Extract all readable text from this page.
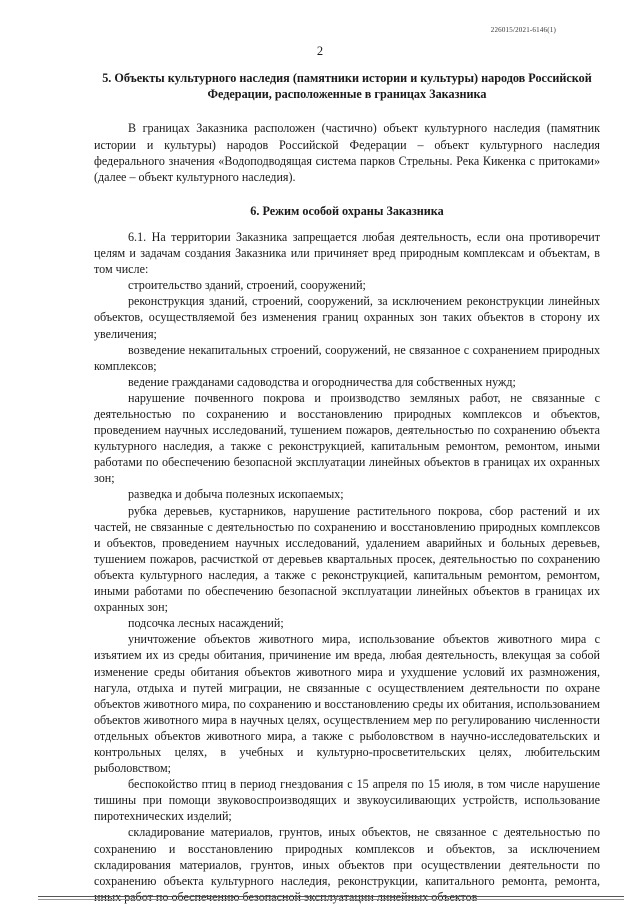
226015/2021-6146(1)
2
5. Объекты культурного наследия (памятники истории и культуры) народов Российской Федерации, расположенные в границах Заказника

В границах Заказника расположен (частично) объект культурного наследия (памятник истории и культуры) народов Российской Федерации – объект культурного наследия федерального значения «Водоподводящая система парков Стрельны. Река Кикенка с притоками» (далее – объект культурного наследия).

6. Режим особой охраны Заказника

6.1. На территории Заказника запрещается любая деятельность, если она противоречит целям и задачам создания Заказника или причиняет вред природным комплексам и объектам, в том числе:

строительство зданий, строений, сооружений;

реконструкция зданий, строений, сооружений, за исключением реконструкции линейных объектов, осуществляемой без изменения границ охранных зон таких объектов в сторону их увеличения;

возведение некапитальных строений, сооружений, не связанное с сохранением природных комплексов;

ведение гражданами садоводства и огородничества для собственных нужд;

нарушение почвенного покрова и производство земляных работ, не связанные с деятельностью по сохранению и восстановлению природных комплексов и объектов, проведением научных исследований, тушением пожаров, деятельностью по сохранению объекта культурного наследия, а также с реконструкцией, капитальным ремонтом, ремонтом, иными работами по обеспечению безопасной эксплуатации линейных объектов в границах их охранных зон;

разведка и добыча полезных ископаемых;

рубка деревьев, кустарников, нарушение растительного покрова, сбор растений и их частей, не связанные с деятельностью по сохранению и восстановлению природных комплексов и объектов, проведением научных исследований, удалением аварийных и больных деревьев, тушением пожаров, расчисткой от деревьев квартальных просек, деятельностью по сохранению объекта культурного наследия, а также с реконструкцией, капитальным ремонтом, ремонтом, иными работами по обеспечению безопасной эксплуатации линейных объектов в границах их охранных зон;

подсочка лесных насаждений;

уничтожение объектов животного мира, использование объектов животного мира с изъятием их из среды обитания, причинение им вреда, любая деятельность, влекущая за собой изменение среды обитания объектов животного мира и ухудшение условий их размножения, нагула, отдыха и путей миграции, не связанные с осуществлением деятельности по охране объектов животного мира, по сохранению и восстановлению среды их обитания, использованием объектов животного мира в научных целях, осуществлением мер по регулированию численности отдельных объектов животного мира, а также с рыболовством в научно-исследовательских и контрольных целях, в учебных и культурно-просветительских целях, любительским рыболовством;

беспокойство птиц в период гнездования с 15 апреля по 15 июля, в том числе нарушение тишины при помощи звуковоспроизводящих и звукоусиливающих устройств, использование пиротехнических изделий;

складирование материалов, грунтов, иных объектов, не связанное с деятельностью по сохранению и восстановлению природных комплексов и объектов, за исключением складирования материалов, грунтов, иных объектов при осуществлении деятельности по сохранению объекта культурного наследия, реконструкции, капитального ремонта, ремонта, иных работ по обеспечению безопасной эксплуатации линейных объектов
